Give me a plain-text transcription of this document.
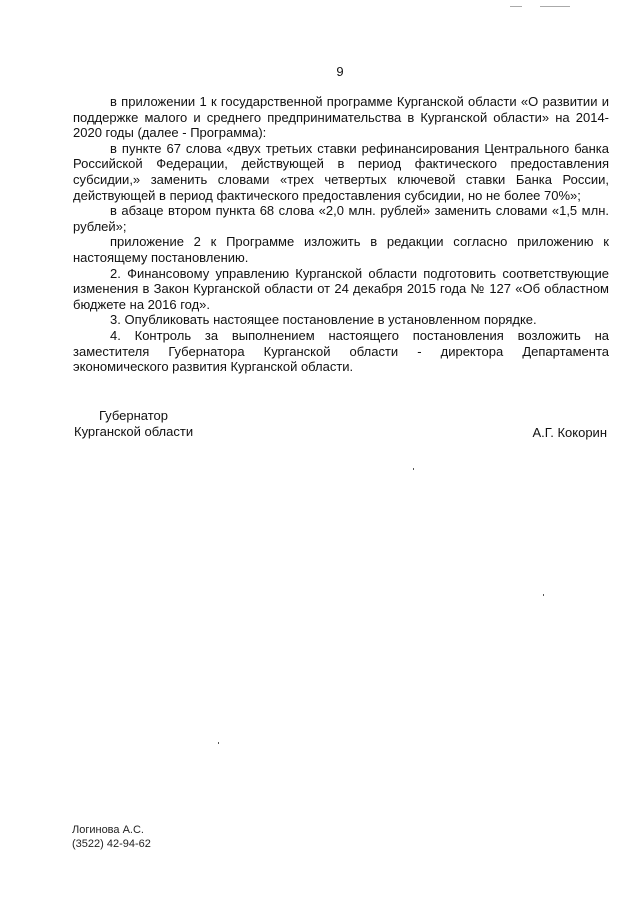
9

в приложении 1 к государственной программе Курганской области «О развитии и поддержке малого и среднего предпринимательства в Курганской области» на 2014-2020 годы (далее - Программа):

в пункте 67 слова «двух третьих ставки рефинансирования Центрального банка Российской Федерации, действующей в период фактического предоставления субсидии,» заменить словами «трех четвертых ключевой ставки Банка России, действующей в период фактического предоставления субсидии, но не более 70%»;

в абзаце втором пункта 68 слова «2,0 млн. рублей» заменить словами «1,5 млн. рублей»;

приложение 2 к Программе изложить в редакции согласно приложению к настоящему постановлению.

2. Финансовому управлению Курганской области подготовить соответствующие изменения в Закон Курганской области от 24 декабря 2015 года № 127 «Об областном бюджете на 2016 год».

3. Опубликовать настоящее постановление в установленном порядке.

4. Контроль за выполнением настоящего постановления возложить на заместителя Губернатора Курганской области - директора Департамента экономического развития Курганской области.

Губернатор
Курганской области	А.Г. Кокорин
Логинова А.С.
(3522) 42-94-62
